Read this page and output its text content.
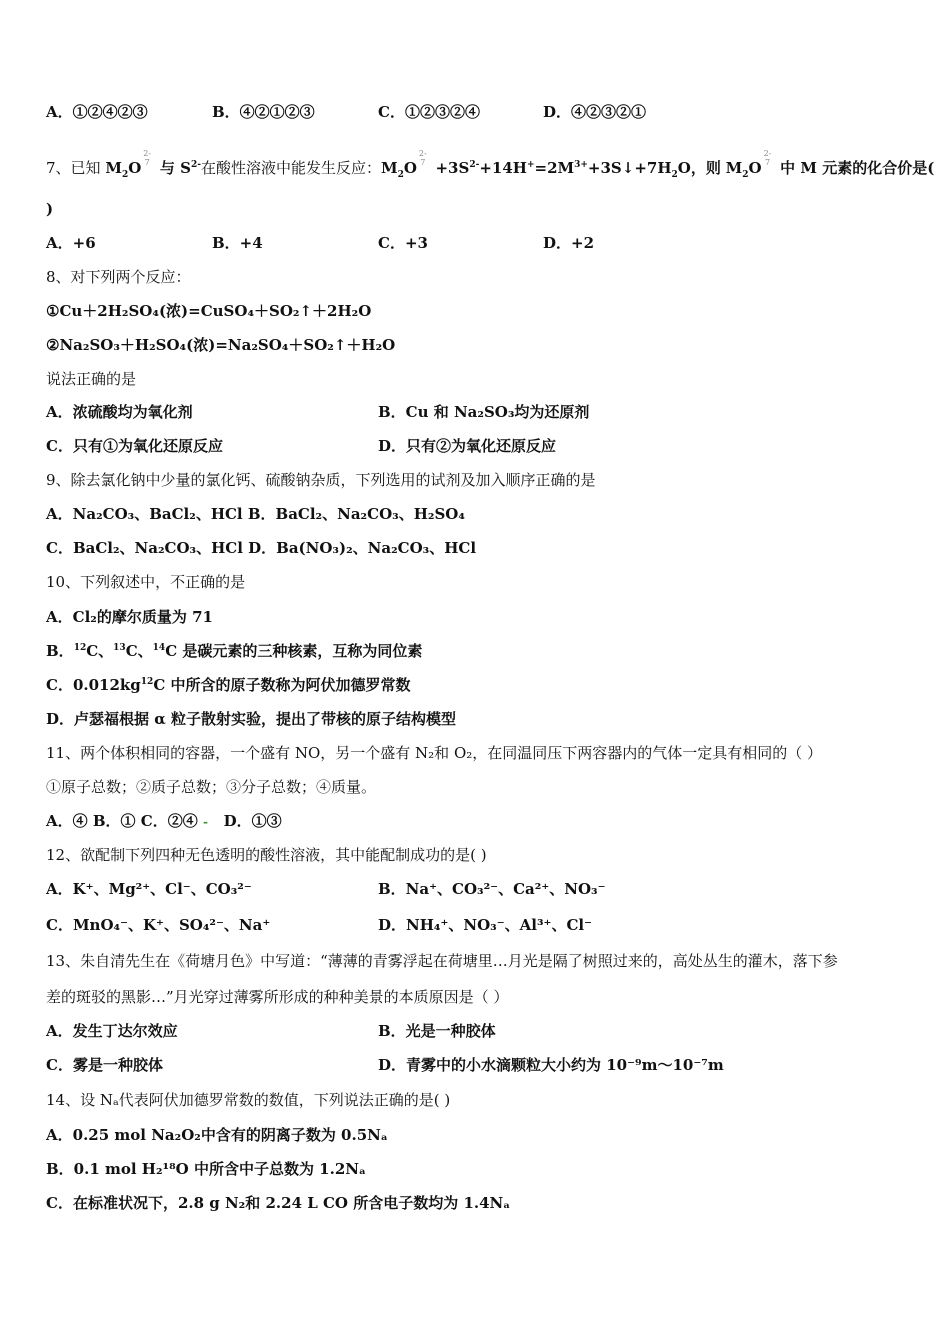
A．①②④②③	B．④②①②③	C．①②③②④	D．④②③②①
7、已知 $M_2O2-$
7 与 $S^{2-}$在酸性溶液中能发生反应：$M_2O2-$
$7 +3S^{2-}+14H^+=2M^{3+}+3S↓+7H_2O$，则 $M_2O2-$
7 中 M 元素的化合价是(
)
A．+6	B．+4	C．+3	D．+2
8、对下列两个反应：
①Cu＋2H₂SO₄(浓)=CuSO₄＋SO₂↑＋2H₂O
②Na₂SO₃＋H₂SO₄(浓)=Na₂SO₄＋SO₂↑＋H₂O
说法正确的是
A．浓硫酸均为氧化剂	B．Cu 和 Na₂SO₃均为还原剂
C．只有①为氧化还原反应	D．只有②为氧化还原反应
9、除去氯化钠中少量的氯化钙、硫酸钠杂质，下列选用的试剂及加入顺序正确的是
A．Na₂CO₃、BaCl₂、HCl B．BaCl₂、Na₂CO₃、H₂SO₄
C．BaCl₂、Na₂CO₃、HCl D．Ba(NO₃)₂、Na₂CO₃、HCl
10、下列叙述中，不正确的是
A．Cl₂的摩尔质量为 71
B．$^{12}$C、$^{13}$C、$^{14}$C 是碳元素的三种核素，互称为同位素
C．$0.012kg^{12}C$ 中所含的原子数称为阿伏加德罗常数
D．卢瑟福根据 α 粒子散射实验，提出了带核的原子结构模型
11、两个体积相同的容器，一个盛有 NO，另一个盛有 N₂和 O₂，在同温同压下两容器内的气体一定具有相同的（ ）
①原子总数；②质子总数；③分子总数；④质量。
A．④ B．① C．②④ - D．①③
12、欲配制下列四种无色透明的酸性溶液，其中能配制成功的是( )
A．K⁺、Mg²⁺、Cl⁻、CO₃²⁻	B．Na⁺、CO₃²⁻、Ca²⁺、NO₃⁻
C．MnO₄⁻、K⁺、SO₄²⁻、Na⁺	D．NH₄⁺、NO₃⁻、Al³⁺、Cl⁻
13、朱自清先生在《荷塘月色》中写道：“薄薄的青雾浮起在荷塘里…月光是隔了树照过来的，高处丛生的灌木，落下参
差的斑驳的黑影…”月光穿过薄雾所形成的种种美景的本质原因是（ ）
A．发生丁达尔效应	B．光是一种胶体
C．雾是一种胶体	D．青雾中的小水滴颗粒大小约为 10⁻⁹m～10⁻⁷m
14、设 Nₐ代表阿伏加德罗常数的数值，下列说法正确的是( )
A．0.25 mol Na₂O₂中含有的阴离子数为 0.5Nₐ
B．0.1 mol H₂¹⁸O 中所含中子总数为 1.2Nₐ
C．在标准状况下，2.8 g N₂和 2.24 L CO 所含电子数均为 1.4Nₐ
